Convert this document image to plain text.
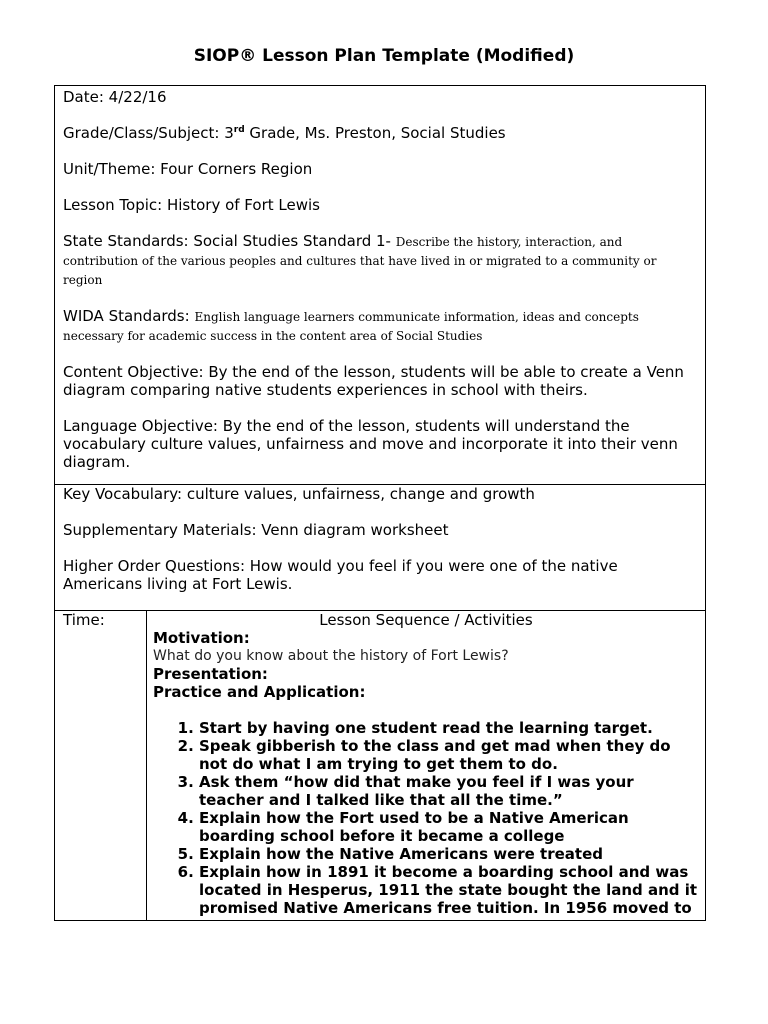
SIOP® Lesson Plan Template (Modified)

Date: 4/22/16

Grade/Class/Subject: 3rd Grade, Ms. Preston, Social Studies

Unit/Theme: Four Corners Region

Lesson Topic: History of Fort Lewis

State Standards: Social Studies Standard 1- Describe the history, interaction, and contribution of the various peoples and cultures that have lived in or migrated to a community or region

WIDA Standards: English language learners communicate information, ideas and concepts necessary for academic success in the content area of Social Studies

Content Objective: By the end of the lesson, students will be able to create a Venn diagram comparing native students experiences in school with theirs.

Language Objective: By the end of the lesson, students will understand the vocabulary culture values, unfairness and move and incorporate it into their venn diagram.

Key Vocabulary: culture values, unfairness, change and growth

Supplementary Materials: Venn diagram worksheet

Higher Order Questions: How would you feel if you were one of the native Americans living at Fort Lewis.

Time:	Lesson Sequence / Activities

Motivation:

What do you know about the history of Fort Lewis?

Presentation:

Practice and Application:

1. Start by having one student read the learning target.
2. Speak gibberish to the class and get mad when they do not do what I am trying to get them to do.
3. Ask them “how did that make you feel if I was your teacher and I talked like that all the time.”
4. Explain how the Fort used to be a Native American boarding school before it became a college
5. Explain how the Native Americans were treated
6. Explain how in 1891 it become a boarding school and was located in Hesperus, 1911 the state bought the land and it promised Native Americans free tuition. In 1956 moved to
